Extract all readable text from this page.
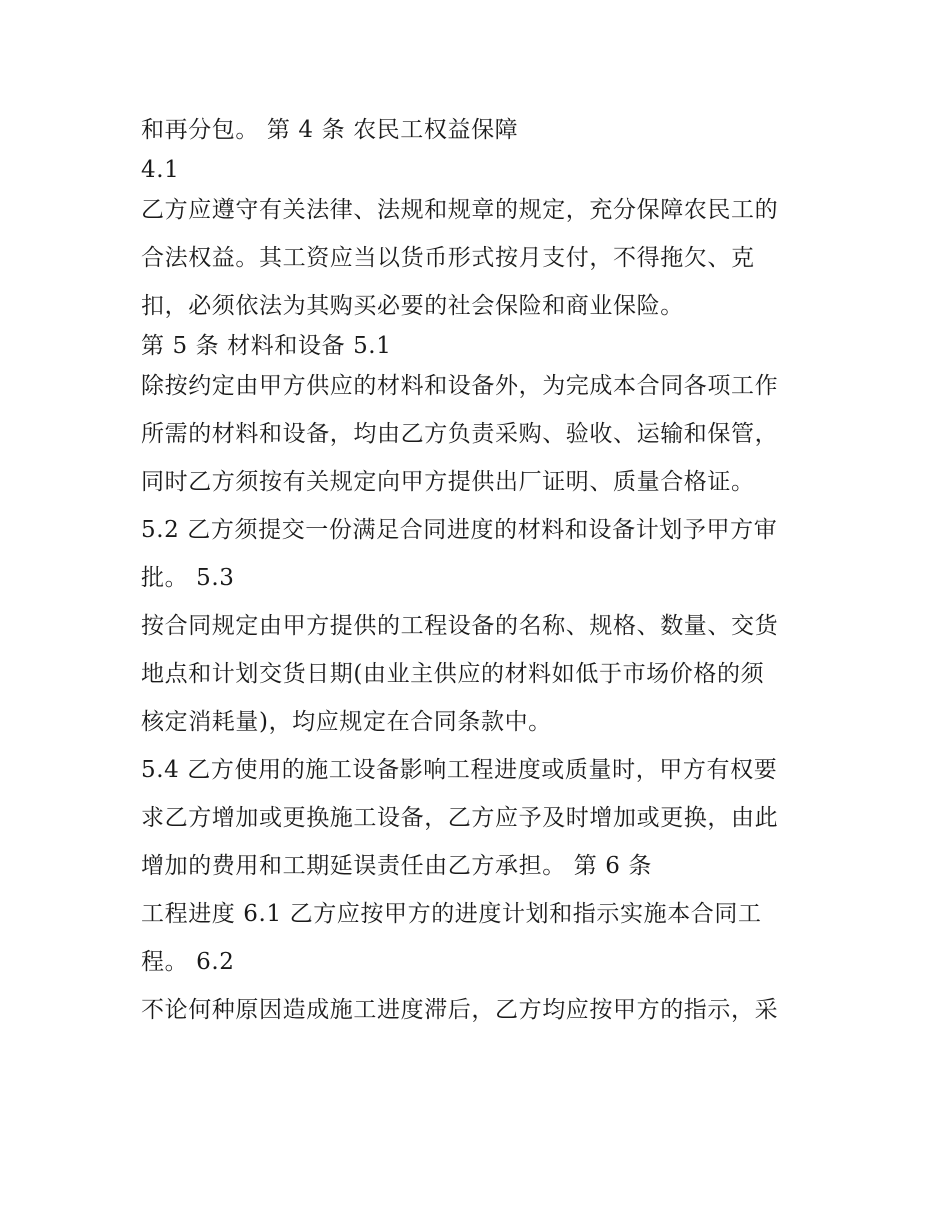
和再分包。 第 4 条 农民工权益保障
4.1
乙方应遵守有关法律、法规和规章的规定，充分保障农民工的
合法权益。其工资应当以货币形式按月支付，不得拖欠、克
扣，必须依法为其购买必要的社会保险和商业保险。
第 5 条 材料和设备 5.1
除按约定由甲方供应的材料和设备外，为完成本合同各项工作
所需的材料和设备，均由乙方负责采购、验收、运输和保管，
同时乙方须按有关规定向甲方提供出厂证明、质量合格证。
5.2 乙方须提交一份满足合同进度的材料和设备计划予甲方审
批。 5.3
按合同规定由甲方提供的工程设备的名称、规格、数量、交货
地点和计划交货日期(由业主供应的材料如低于市场价格的须
核定消耗量)，均应规定在合同条款中。
5.4 乙方使用的施工设备影响工程进度或质量时，甲方有权要
求乙方增加或更换施工设备，乙方应予及时增加或更换，由此
增加的费用和工期延误责任由乙方承担。 第 6 条
工程进度 6.1 乙方应按甲方的进度计划和指示实施本合同工
程。 6.2
不论何种原因造成施工进度滞后，乙方均应按甲方的指示，采
